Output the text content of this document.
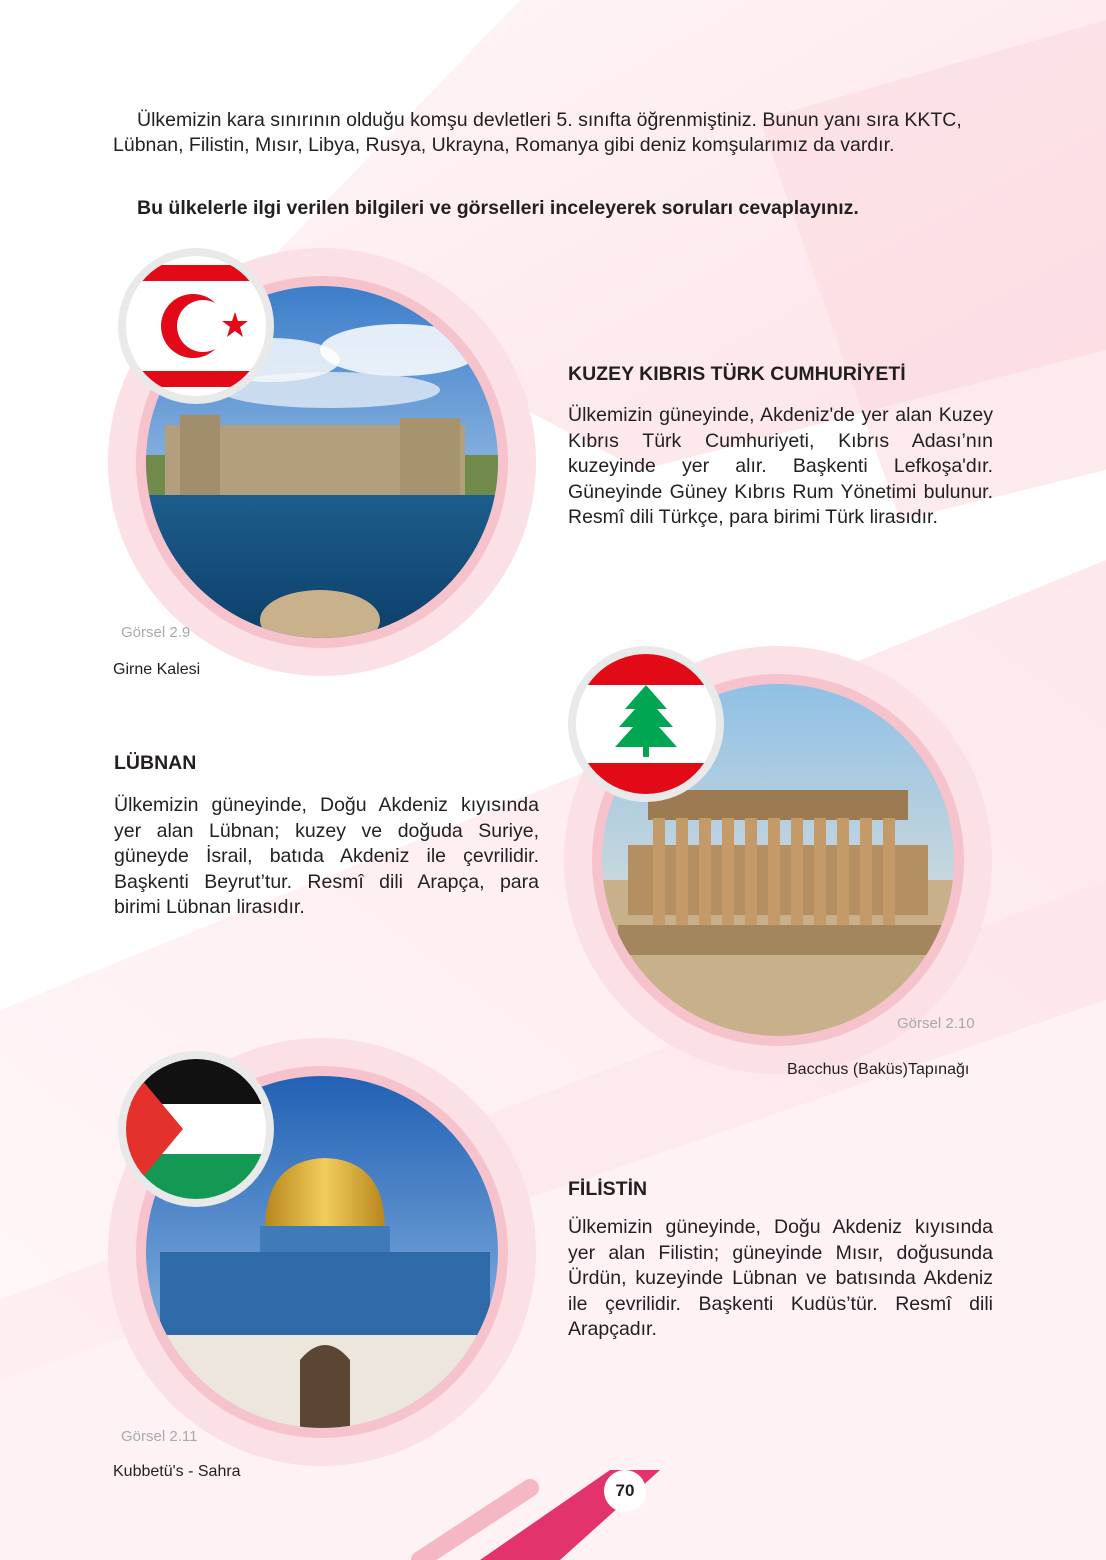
Ülkemizin kara sınırının olduğu komşu devletleri 5. sınıfta öğrenmiştiniz. Bunun yanı sıra KKTC, Lübnan, Filistin, Mısır, Libya, Rusya, Ukrayna, Romanya gibi deniz komşularımız da vardır.
Bu ülkelerle ilgi verilen bilgileri ve görselleri inceleyerek soruları cevaplayınız.
Görsel 2.9
Girne Kalesi
KUZEY KIBRIS TÜRK CUMHURİYETİ
Ülkemizin güneyinde, Akdeniz'de yer alan Kuzey Kıbrıs Türk Cumhuriyeti, Kıbrıs Adası’nın kuzeyinde yer alır. Başkenti Lefkoşa'dır. Güneyinde Güney Kıbrıs Rum Yönetimi bulunur. Resmî dili Türkçe, para birimi Türk lirasıdır.
Görsel 2.10
Bacchus (Baküs)Tapınağı
LÜBNAN
Ülkemizin güneyinde, Doğu Akdeniz kıyısında yer alan Lübnan; kuzey ve doğuda Suriye, güneyde İsrail, batıda Akdeniz ile çevrilidir. Başkenti Beyrut’tur. Resmî dili Arapça, para birimi Lübnan lirasıdır.
Görsel 2.11
Kubbetü's - Sahra
FİLİSTİN
Ülkemizin güneyinde, Doğu Akdeniz kıyısında yer alan Filistin; güneyinde Mısır, doğusunda Ürdün, kuzeyinde Lübnan ve batısında Akdeniz ile çevrilidir. Başkenti Kudüs’tür. Resmî dili Arapçadır.
70
